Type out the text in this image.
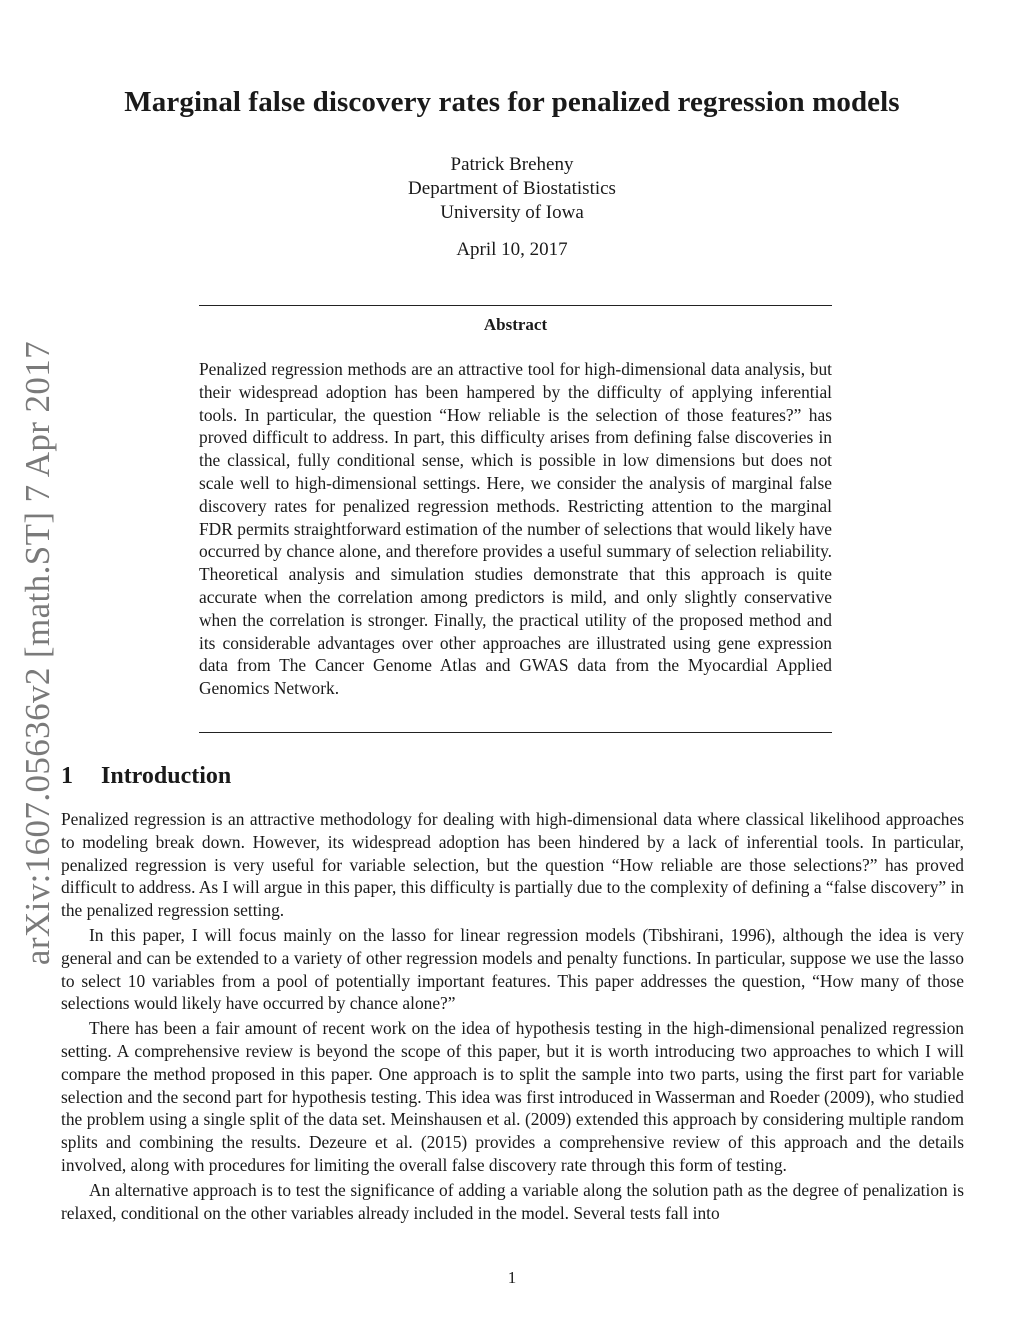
arXiv:1607.05636v2 [math.ST] 7 Apr 2017
Marginal false discovery rates for penalized regression models
Patrick Breheny
Department of Biostatistics
University of Iowa
April 10, 2017
Abstract
Penalized regression methods are an attractive tool for high-dimensional data analysis, but their widespread adoption has been hampered by the difficulty of applying inferential tools. In particular, the question “How reliable is the selection of those features?” has proved difficult to address. In part, this difficulty arises from defining false discoveries in the classical, fully conditional sense, which is possible in low dimensions but does not scale well to high-dimensional settings. Here, we consider the analysis of marginal false discovery rates for penalized regression methods. Restricting attention to the marginal FDR permits straightforward estimation of the number of selections that would likely have occurred by chance alone, and therefore provides a useful summary of selection reliability. Theoretical analysis and simulation studies demonstrate that this approach is quite accurate when the correlation among predictors is mild, and only slightly conservative when the correlation is stronger. Finally, the practical utility of the proposed method and its considerable advantages over other approaches are illustrated using gene expression data from The Cancer Genome Atlas and GWAS data from the Myocardial Applied Genomics Network.
1 Introduction

Penalized regression is an attractive methodology for dealing with high-dimensional data where classical likelihood approaches to modeling break down. However, its widespread adoption has been hindered by a lack of inferential tools. In particular, penalized regression is very useful for variable selection, but the question “How reliable are those selections?” has proved difficult to address. As I will argue in this paper, this difficulty is partially due to the complexity of defining a “false discovery” in the penalized regression setting.

In this paper, I will focus mainly on the lasso for linear regression models (Tibshirani, 1996), although the idea is very general and can be extended to a variety of other regression models and penalty functions. In particular, suppose we use the lasso to select 10 variables from a pool of potentially important features. This paper addresses the question, “How many of those selections would likely have occurred by chance alone?”

There has been a fair amount of recent work on the idea of hypothesis testing in the high-dimensional penalized regression setting. A comprehensive review is beyond the scope of this paper, but it is worth introducing two approaches to which I will compare the method proposed in this paper. One approach is to split the sample into two parts, using the first part for variable selection and the second part for hypothesis testing. This idea was first introduced in Wasserman and Roeder (2009), who studied the problem using a single split of the data set. Meinshausen et al. (2009) extended this approach by considering multiple random splits and combining the results. Dezeure et al. (2015) provides a comprehensive review of this approach and the details involved, along with procedures for limiting the overall false discovery rate through this form of testing.

An alternative approach is to test the significance of adding a variable along the solution path as the degree of penalization is relaxed, conditional on the other variables already included in the model. Several tests fall into

1
